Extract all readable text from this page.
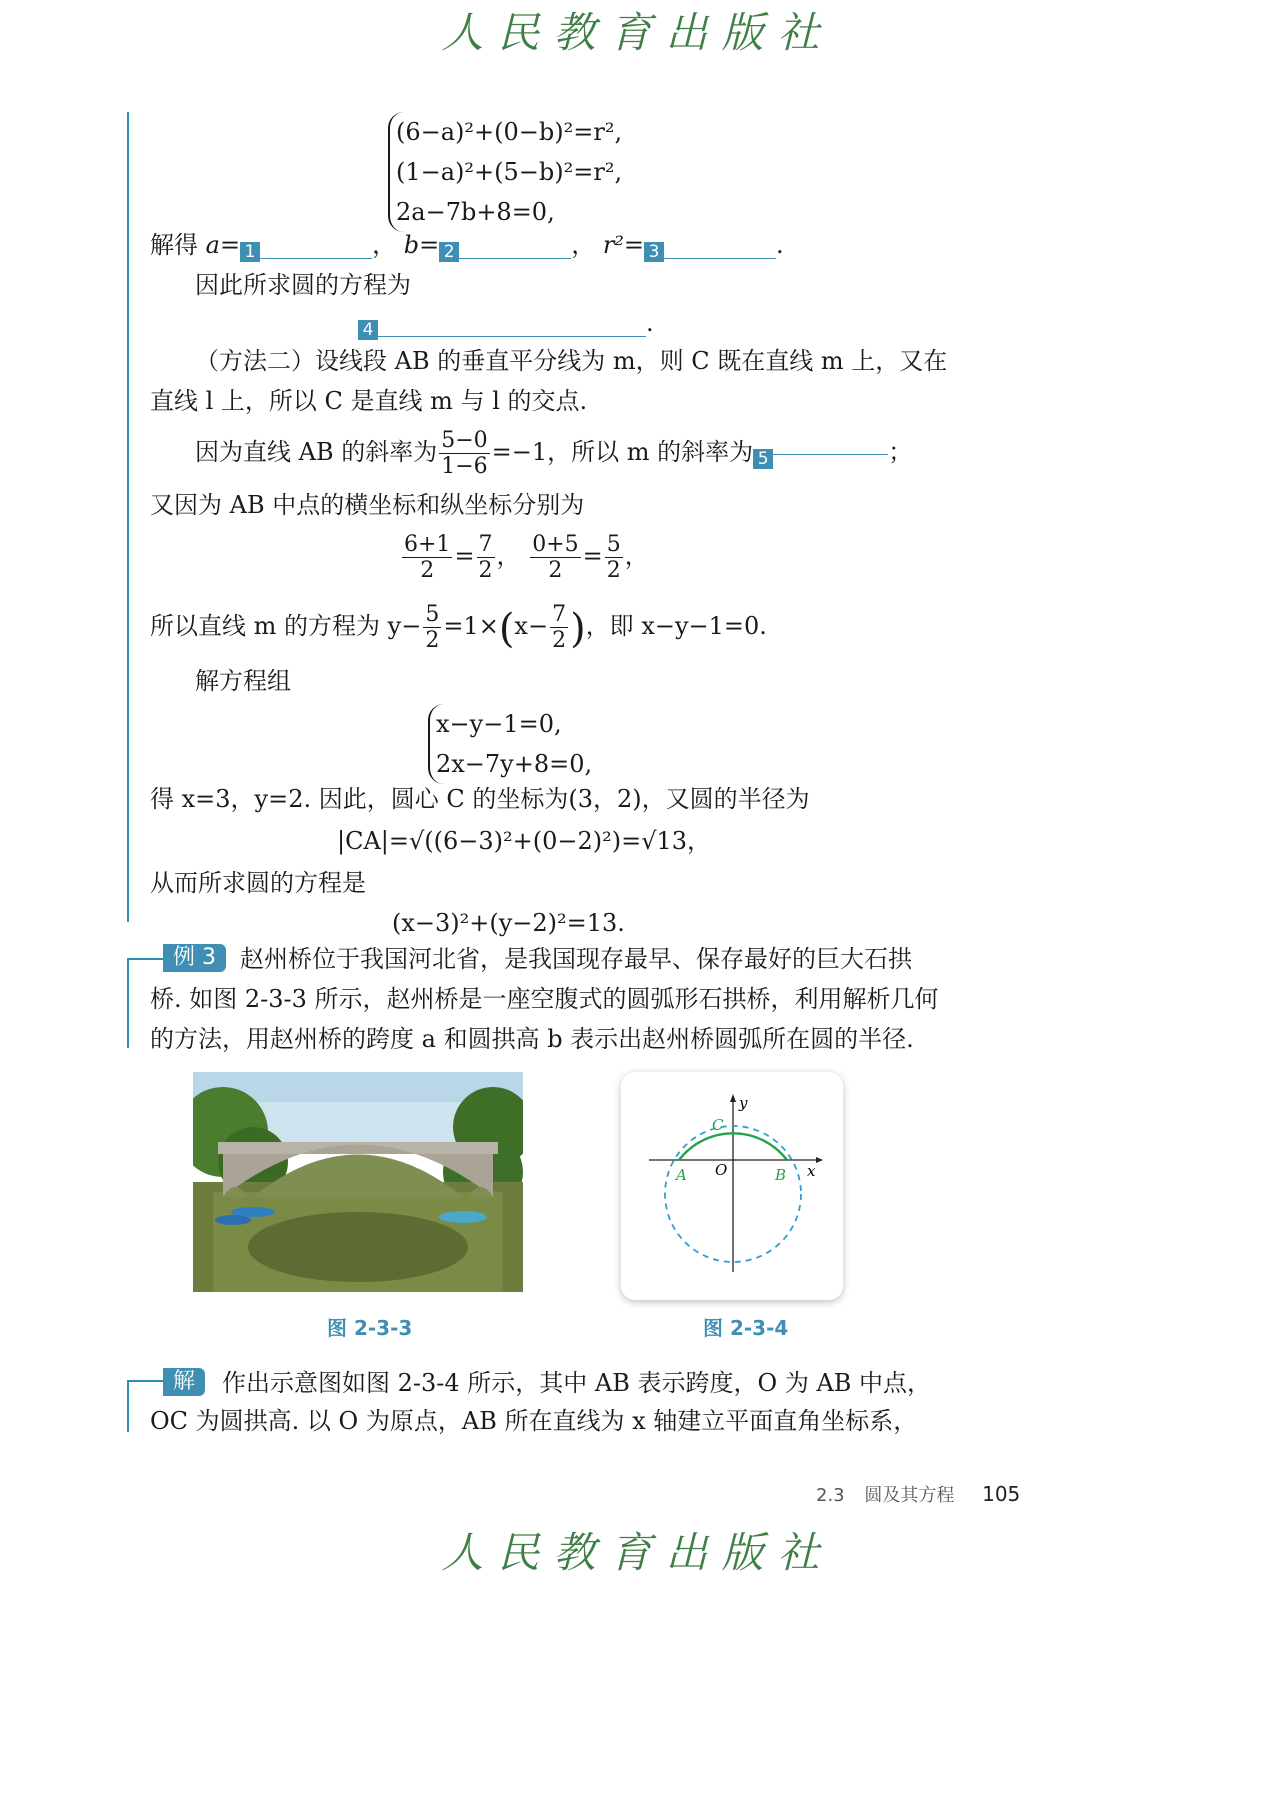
人民教育出版社
(6−a)²+(0−b)²=r²,
(1−a)²+(5−b)²=r²,
2a−7b+8=0,
解得 a= 1	， b= 2	， r²= 3	.
因此所求圆的方程为
4	.
（方法二）设线段 AB 的垂直平分线为 m，则 C 既在直线 m 上，又在
直线 l 上，所以 C 是直线 m 与 l 的交点.
因为直线 AB 的斜率为 $\frac{5-0}{1-6} =-1$，所以 m 的斜率为 5	；
又因为 AB 中点的横坐标和纵坐标分别为
$\frac{6+1}{2} = \frac{7}{2}$ ， $\frac{0+5}{2} = \frac{5}{2}$ ，
所以直线 m 的方程为 $y- \frac{5}{2} =1\times(x- \frac{7}{2}$ )，即 x−y−1=0.
解方程组
x−y−1=0,
2x−7y+8=0,
得 x=3，y=2. 因此，圆心 C 的坐标为(3，2)，又圆的半径为
|CA|=√((6−3)²+(0−2)²)=√13，
从而所求圆的方程是
(x−3)²+(y−2)²=13.
例 3	赵州桥位于我国河北省，是我国现存最早、保存最好的巨大石拱
桥. 如图 2-3-3 所示，赵州桥是一座空腹式的圆弧形石拱桥，利用解析几何
的方法，用赵州桥的跨度 a 和圆拱高 b 表示出赵州桥圆弧所在圆的半径.
图 2-3-3
y
x
C
O
A	B
图 2-3-4
解	作出示意图如图 2-3-4 所示，其中 AB 表示跨度，O 为 AB 中点，
OC 为圆拱高. 以 O 为原点，AB 所在直线为 x 轴建立平面直角坐标系，
2.3 圆及其方程 105
人民教育出版社
